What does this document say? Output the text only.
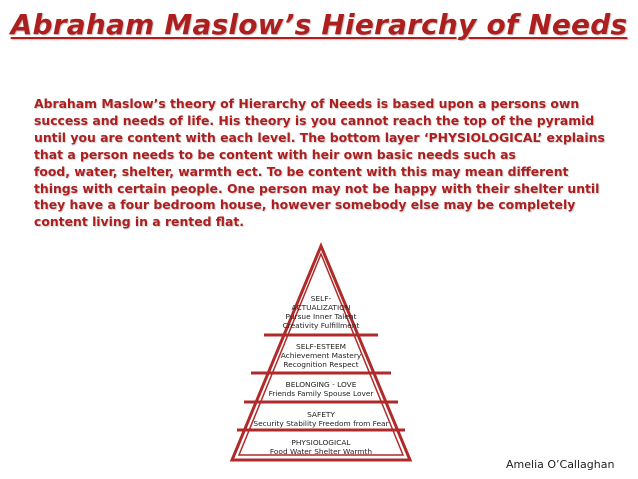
Abraham Maslow’s Hierarchy of Needs
Abraham Maslow’s theory of Hierarchy of Needs is based upon a persons own
success and needs of life. His theory is you cannot reach the top of the pyramid
until you are content with each level. The bottom layer ‘PHYSIOLOGICAL’ explains
that a person needs to be content with heir own basic needs such as
food, water, shelter, warmth ect. To be content with this may mean different
things with certain people. One person may not be happy with their shelter until
they have a four bedroom house, however somebody else may be completely
content living in a rented flat.
SELF-
ACTUALIZATION
Pursue Inner Talent
Creativity Fulfillment
SELF-ESTEEM
Achievement Mastery
Recognition Respect
BELONGING - LOVE
Friends Family Spouse Lover
SAFETY
Security Stability Freedom from Fear
PHYSIOLOGICAL
Food Water Shelter Warmth
Amelia O’Callaghan
